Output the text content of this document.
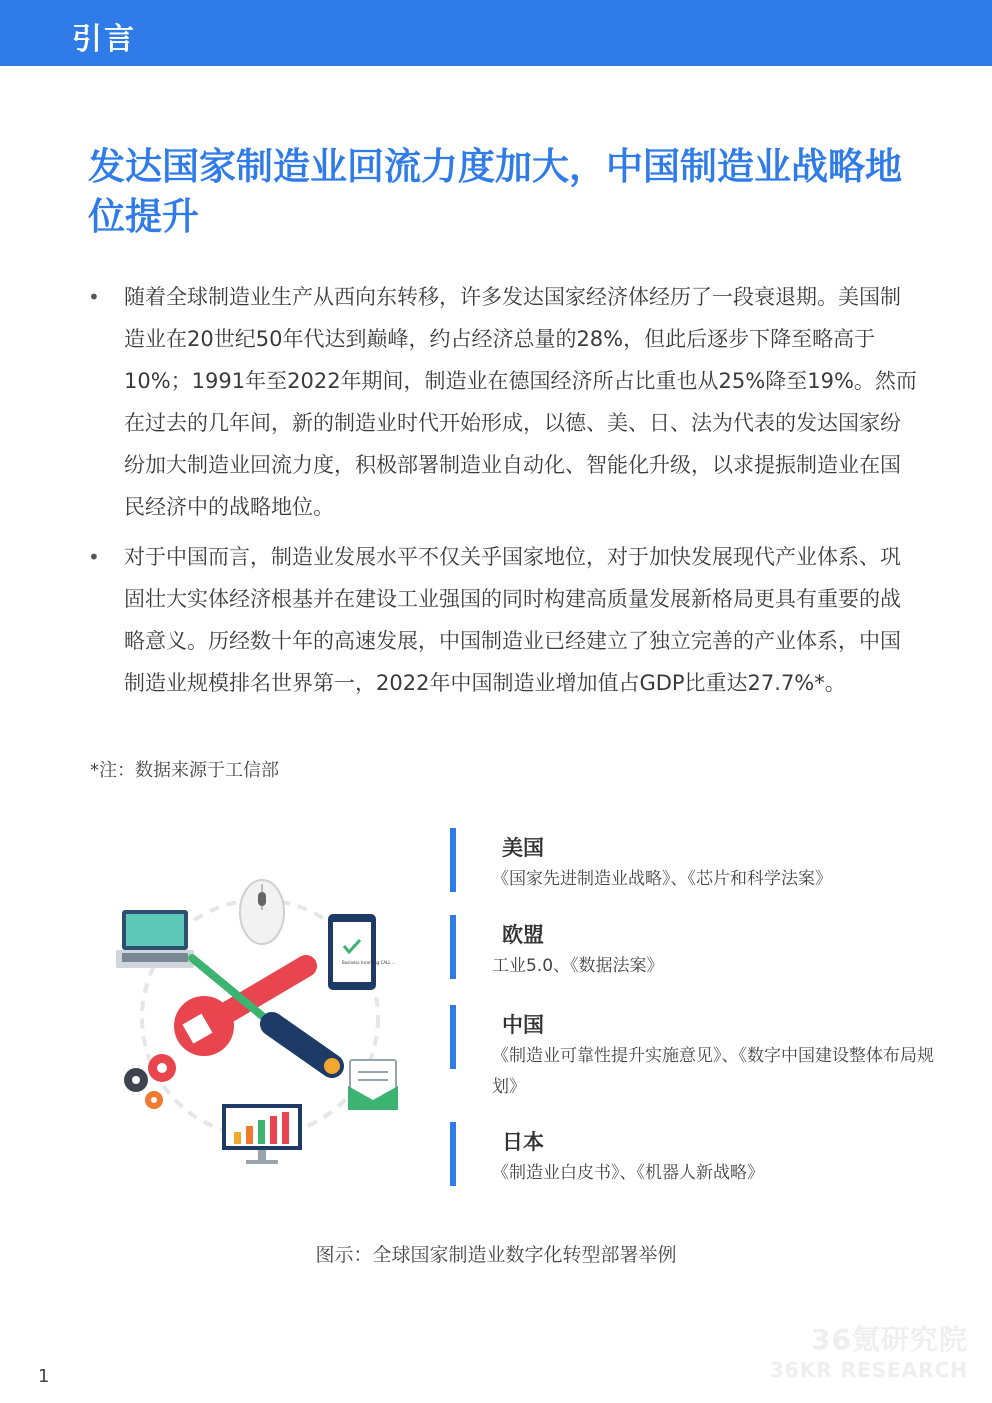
引言
发达国家制造业回流力度加大，中国制造业战略地位提升
• 随着全球制造业生产从西向东转移，许多发达国家经济体经历了一段衰退期。美国制造业在20世纪50年代达到巅峰，约占经济总量的28%，但此后逐步下降至略高于10%；1991年至2022年期间，制造业在德国经济所占比重也从25%降至19%。然而在过去的几年间，新的制造业时代开始形成，以德、美、日、法为代表的发达国家纷纷加大制造业回流力度，积极部署制造业自动化、智能化升级，以求提振制造业在国民经济中的战略地位。
• 对于中国而言，制造业发展水平不仅关乎国家地位，对于加快发展现代产业体系、巩固壮大实体经济根基并在建设工业强国的同时构建高质量发展新格局更具有重要的战略意义。历经数十年的高速发展，中国制造业已经建立了独立完善的产业体系，中国制造业规模排名世界第一，2022年中国制造业增加值占GDP比重达27.7%*。
*注：数据来源于工信部
Business Incoming CALL ...
美国
《国家先进制造业战略》、《芯片和科学法案》
欧盟
工业5.0、《数据法案》
中国
《制造业可靠性提升实施意见》、《数字中国建设整体布局规划》
日本
《制造业白皮书》、《机器人新战略》
图示：全球国家制造业数字化转型部署举例
1
36氪研究院
36KR RESEARCH
